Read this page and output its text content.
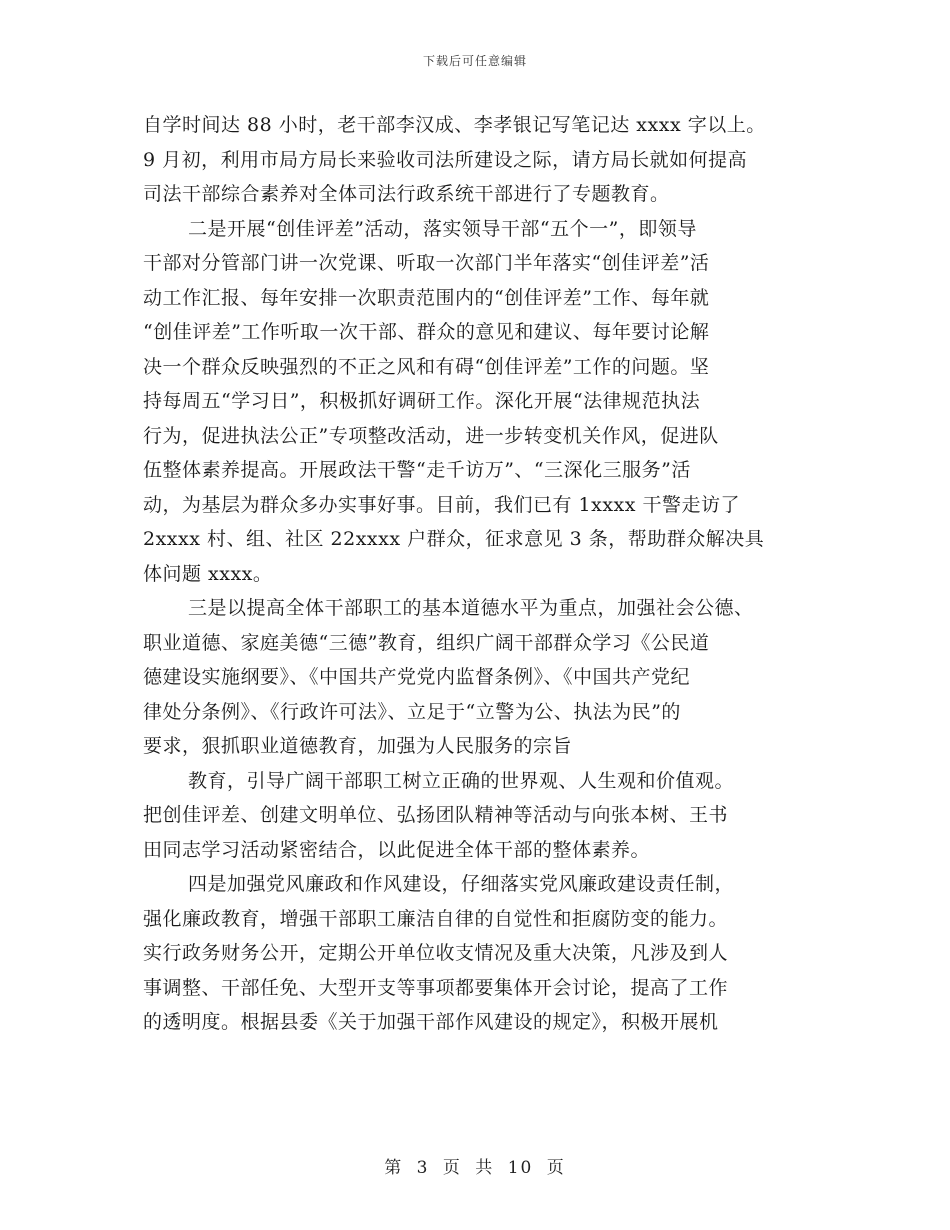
下载后可任意编辑
自学时间达 88 小时，老干部李汉成、李孝银记写笔记达 xxxx 字以上。
9 月初，利用市局方局长来验收司法所建设之际，请方局长就如何提高
司法干部综合素养对全体司法行政系统干部进行了专题教育。
二是开展“创佳评差”活动，落实领导干部“五个一”，即领导
干部对分管部门讲一次党课、听取一次部门半年落实“创佳评差”活
动工作汇报、每年安排一次职责范围内的“创佳评差”工作、每年就
“创佳评差”工作听取一次干部、群众的意见和建议、每年要讨论解
决一个群众反映强烈的不正之风和有碍“创佳评差”工作的问题。坚
持每周五“学习日”，积极抓好调研工作。深化开展“法律规范执法
行为，促进执法公正”专项整改活动，进一步转变机关作风，促进队
伍整体素养提高。开展政法干警“走千访万”、“三深化三服务”活
动，为基层为群众多办实事好事。目前，我们已有 1xxxx 干警走访了
2xxxx 村、组、社区 22xxxx 户群众，征求意见 3 条，帮助群众解决具
体问题 xxxx。
三是以提高全体干部职工的基本道德水平为重点，加强社会公德、
职业道德、家庭美德“三德”教育，组织广阔干部群众学习《公民道
德建设实施纲要》、《中国共产党党内监督条例》、《中国共产党纪
律处分条例》、《行政许可法》、立足于“立警为公、执法为民”的
要求，狠抓职业道德教育，加强为人民服务的宗旨
教育，引导广阔干部职工树立正确的世界观、人生观和价值观。
把创佳评差、创建文明单位、弘扬团队精神等活动与向张本树、王书
田同志学习活动紧密结合，以此促进全体干部的整体素养。
四是加强党风廉政和作风建设，仔细落实党风廉政建设责任制，
强化廉政教育，增强干部职工廉洁自律的自觉性和拒腐防变的能力。
实行政务财务公开，定期公开单位收支情况及重大决策，凡涉及到人
事调整、干部任免、大型开支等事项都要集体开会讨论，提高了工作
的透明度。根据县委《关于加强干部作风建设的规定》，积极开展机
第 3 页 共 10 页
